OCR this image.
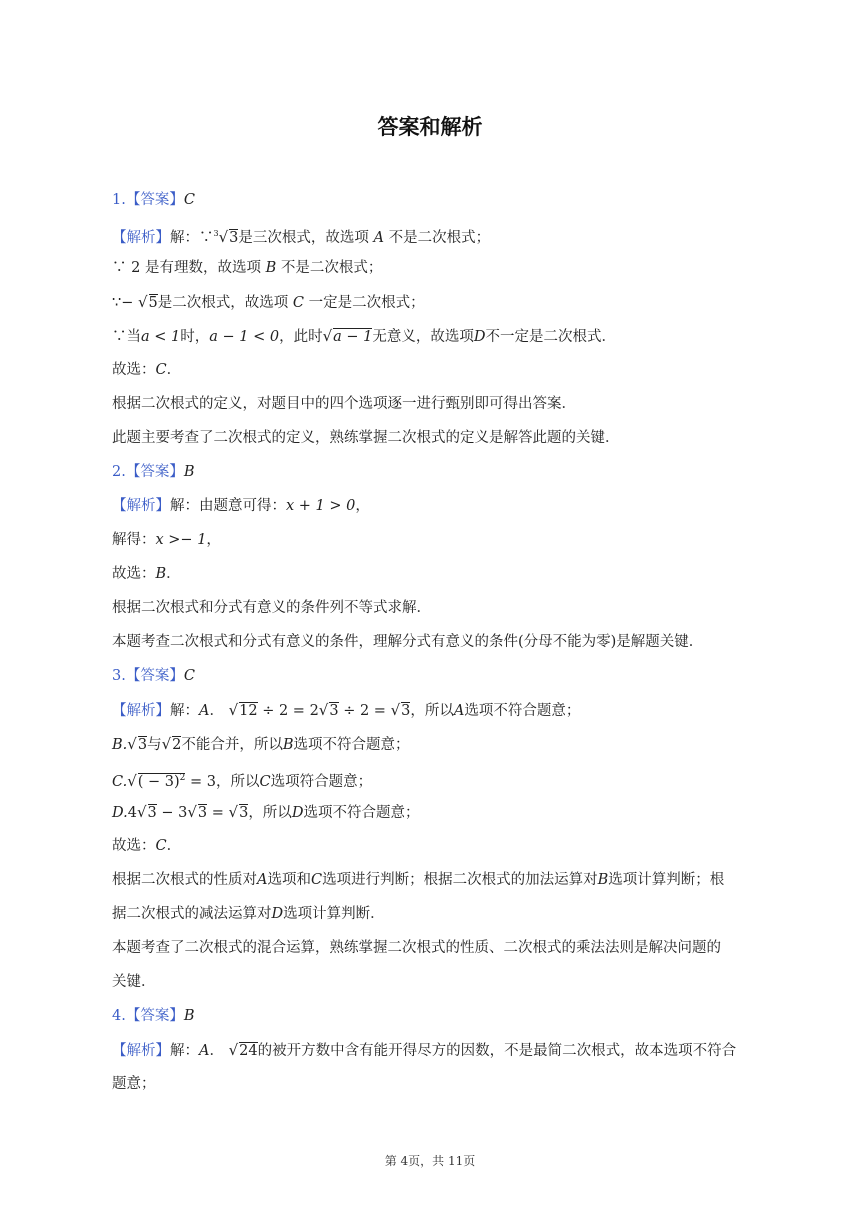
答案和解析
1.【答案】C
【解析】解：∵$^3$√3是三次根式，故选项 A 不是二次根式；
∵ 2 是有理数，故选项 B 不是二次根式；
∵− √5是二次根式，故选项 C 一定是二次根式；
∵当a < 1时，a − 1 < 0，此时√a − 1无意义，故选项D不一定是二次根式．
故选：C．
根据二次根式的定义，对题目中的四个选项逐一进行甄别即可得出答案．
此题主要考查了二次根式的定义，熟练掌握二次根式的定义是解答此题的关键．
2.【答案】B
【解析】解：由题意可得：x + 1 > 0，
解得：x >− 1，
故选：B．
根据二次根式和分式有意义的条件列不等式求解．
本题考查二次根式和分式有意义的条件，理解分式有意义的条件(分母不能为零)是解题关键．
3.【答案】C
【解析】解：A． √12 ÷ 2 = 2√3 ÷ 2 = √3，所以A选项不符合题意；
B.√3与√2不能合并，所以B选项不符合题意；
$C.√( - 3)^2 = 3$，所以C选项符合题意；
D.4√3 − 3√3 = √3，所以D选项不符合题意；
故选：C．
根据二次根式的性质对A选项和C选项进行判断；根据二次根式的加法运算对B选项计算判断；根
据二次根式的减法运算对D选项计算判断．
本题考查了二次根式的混合运算，熟练掌握二次根式的性质、二次根式的乘法法则是解决问题的
关键．
4.【答案】B
【解析】解：A． √24的被开方数中含有能开得尽方的因数，不是最简二次根式，故本选项不符合
题意；
第 4页，共 11页
